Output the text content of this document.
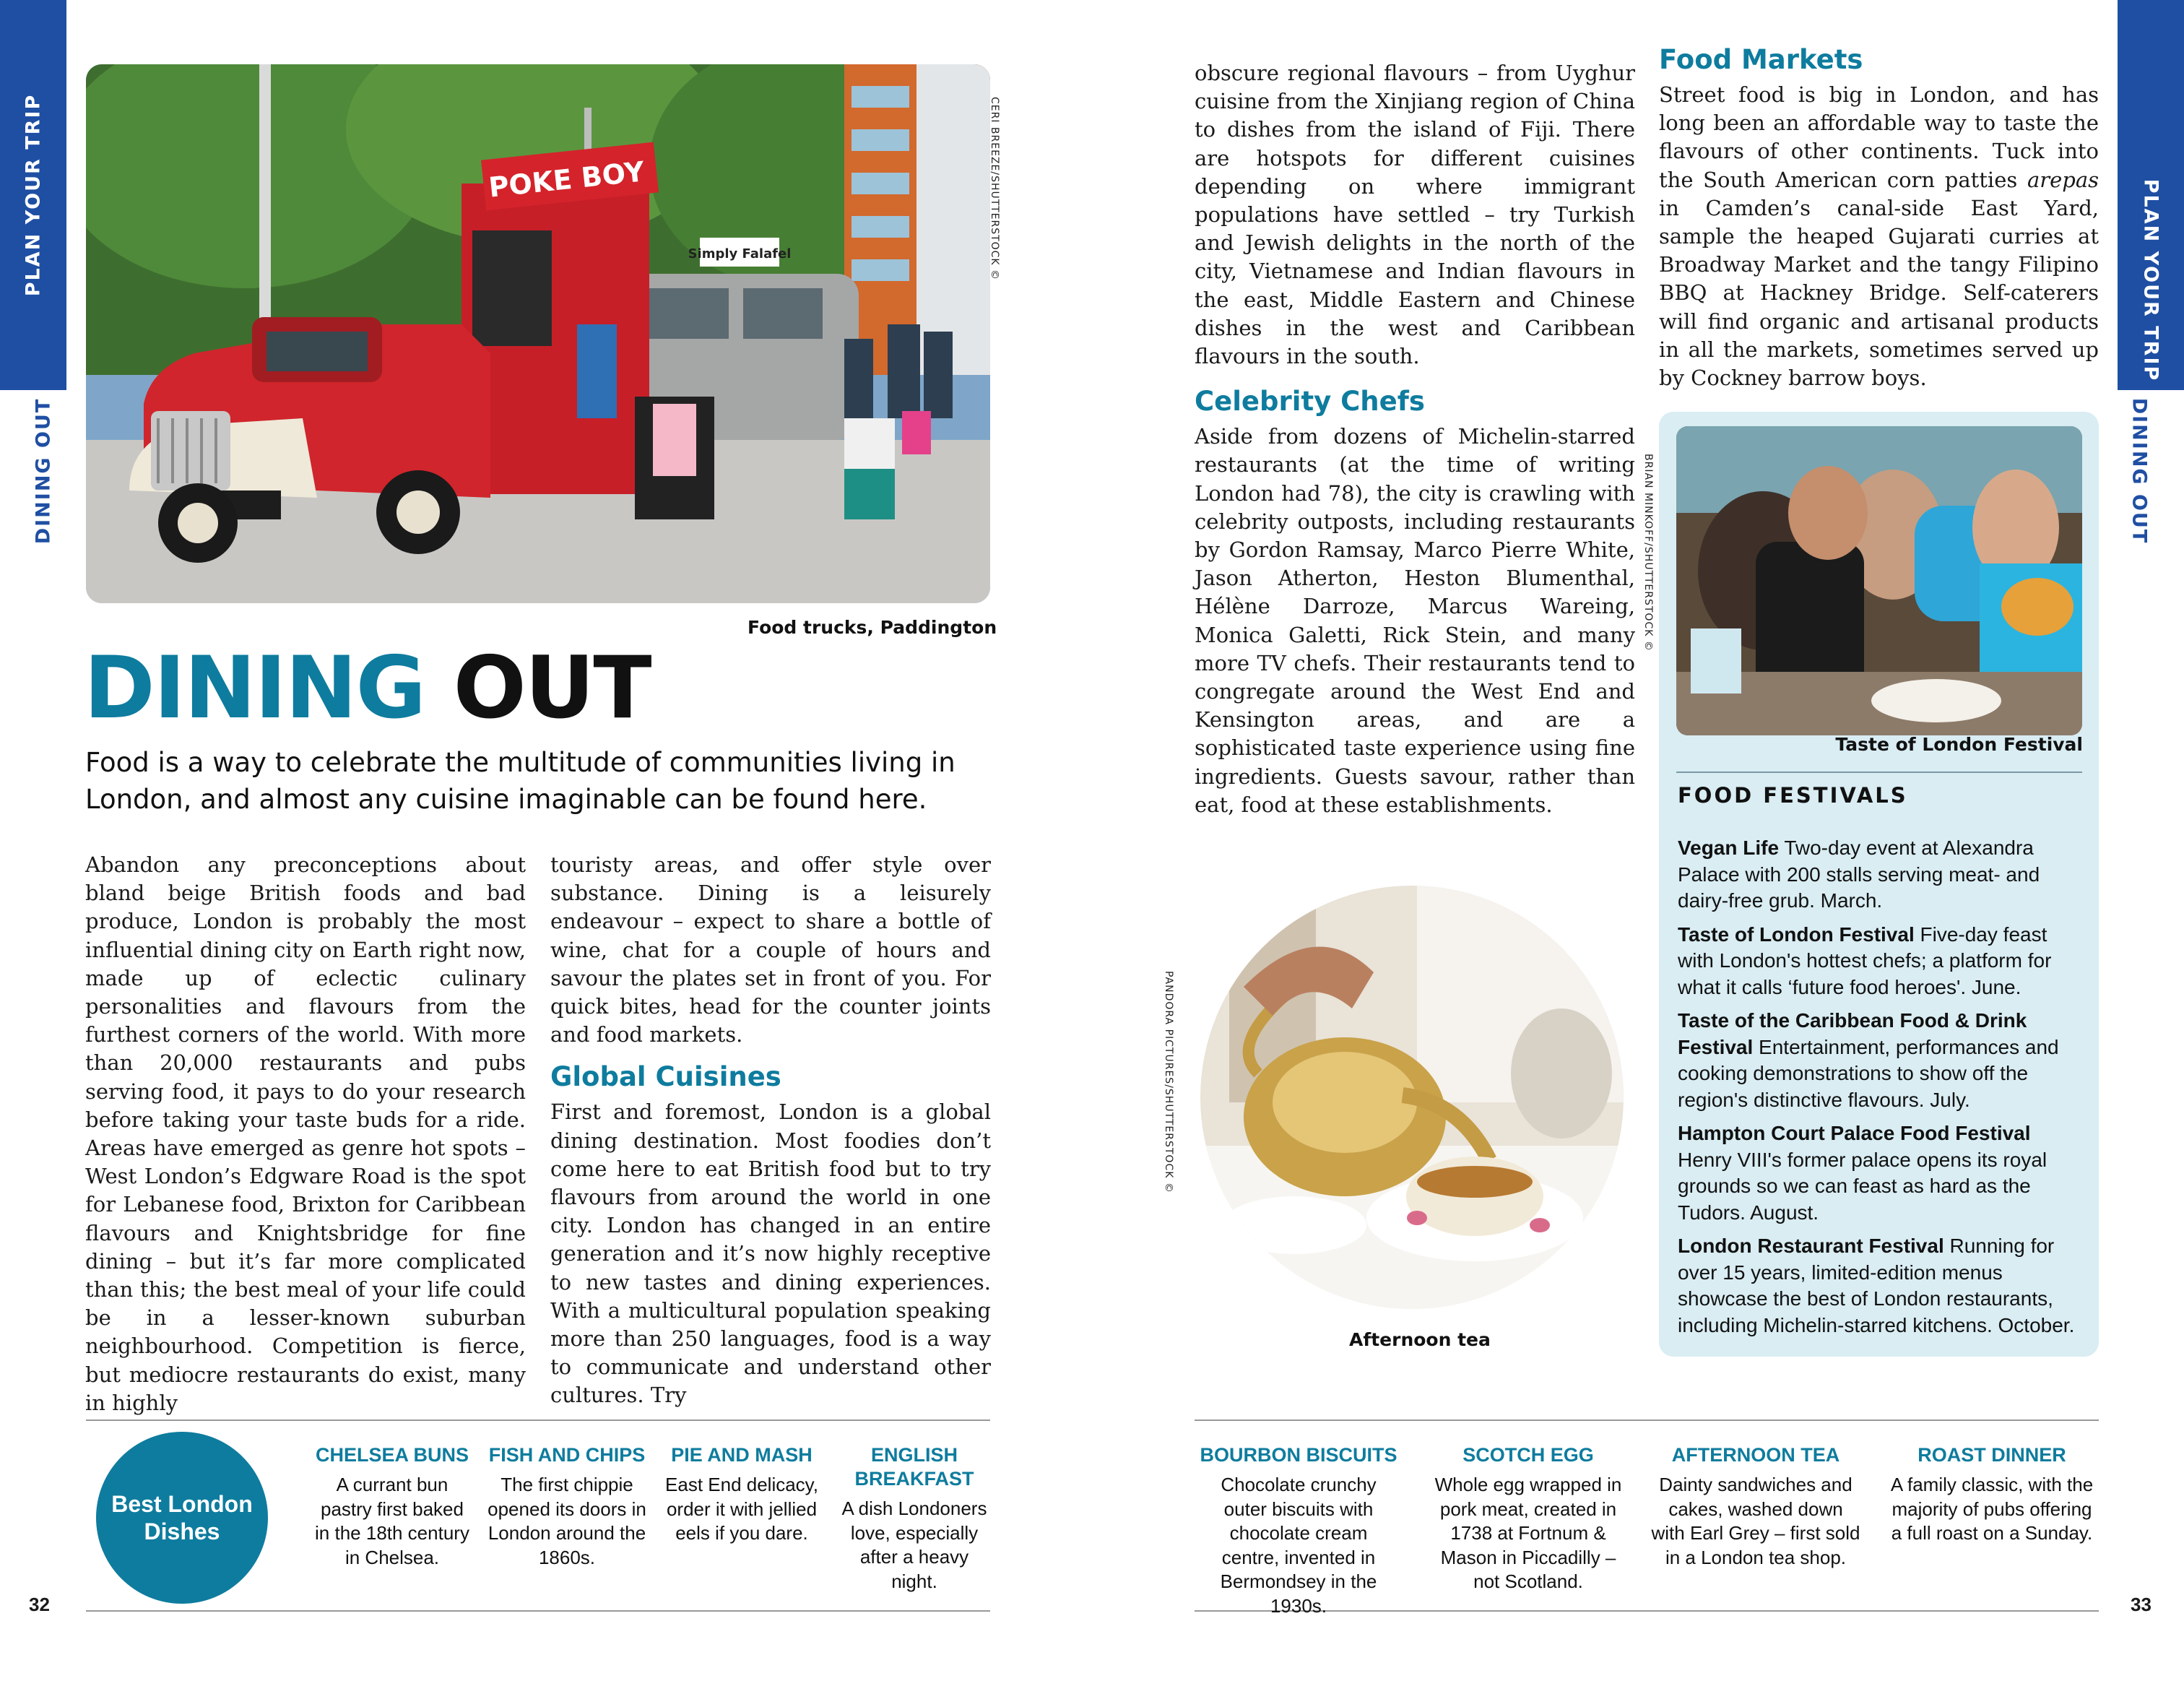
PLAN YOUR TRIP
DINING OUT
PLAN YOUR TRIP
DINING OUT
Simply Falafel
POKE BOY	CERI BREEZE/SHUTTERSTOCK ©
Food trucks, Paddington
DINING OUT
Food is a way to celebrate the multitude of communities living in London, and almost any cuisine imaginable can be found here.

Abandon any preconceptions about bland beige British foods and bad produce, London is probably the most influential dining city on Earth right now, made up of eclectic culinary personalities and flavours from the furthest corners of the world. With more than 20,000 restaurants and pubs serving food, it pays to do your research before taking your taste buds for a ride. Areas have emerged as genre hot spots – West London’s Edgware Road is the spot for Lebanese food, Brixton for Caribbean flavours and Knightsbridge for fine dining – but it’s far more complicated than this; the best meal of your life could be in a lesser-known suburban neighbourhood. Competition is fierce, but mediocre restaurants do exist, many in highly

touristy areas, and offer style over substance. Dining is a leisurely endeavour – expect to share a bottle of wine, chat for a couple of hours and savour the plates set in front of you. For quick bites, head for the counter joints and food markets.

Global Cuisines

First and foremost, London is a global dining destination. Most foodies don’t come here to eat British food but to try flavours from around the world in one city. London has changed in an entire generation and it’s now highly receptive to new tastes and dining experiences. With a multicultural population speaking more than 250 languages, food is a way to communicate and understand other cultures. Try

obscure regional flavours – from Uyghur cuisine from the Xinjiang region of China to dishes from the island of Fiji. There are hotspots for different cuisines depending on where immigrant populations have settled – try Turkish and Jewish delights in the north of the city, Vietnamese and Indian flavours in the east, Middle Eastern and Chinese dishes in the west and Caribbean flavours in the south.

Celebrity Chefs

Aside from dozens of Michelin-starred restaurants (at the time of writing London had 78), the city is crawling with celebrity outposts, including restaurants by Gordon Ramsay, Marco Pierre White, Jason Atherton, Heston Blumenthal, Hélène Darroze, Marcus Wareing, Monica Galetti, Rick Stein, and many more TV chefs. Their restaurants tend to congregate around the West End and Kensington areas, and are a sophisticated taste experience using fine ingredients. Guests savour, rather than eat, food at these establishments.

Food Markets

Street food is big in London, and has long been an affordable way to taste the flavours of other continents. Tuck into the South American corn patties arepas in Camden’s canal-side East Yard, sample the heaped Gujarati curries at Broadway Market and the tangy Filipino BBQ at Hackney Bridge. Self-caterers will find organic and artisanal products in all the markets, sometimes served up by Cockney barrow boys.

BRIAN MINKOFF/SHUTTERSTOCK ©
Taste of London Festival
FOOD FESTIVALS
Vegan Life Two-day event at Alexandra Palace with 200 stalls serving meat- and dairy-free grub. March.
Taste of London Festival Five-day feast with London's hottest chefs; a platform for what it calls ‘future food heroes'. June.
Taste of the Caribbean Food & Drink Festival Entertainment, performances and cooking demonstrations to show off the region's distinctive flavours. July.
Hampton Court Palace Food Festival Henry VIII's former palace opens its royal grounds so we can feast as hard as the Tudors. August.
London Restaurant Festival Running for over 15 years, limited-edition menus showcase the best of London restaurants, including Michelin-starred kitchens. October.
PANDORA PICTURES/SHUTTERSTOCK ©
Afternoon tea
Best London Dishes
CHELSEA BUNS
A currant bun pastry first baked in the 18th century in Chelsea.
FISH AND CHIPS
The first chippie opened its doors in London around the 1860s.
PIE AND MASH
East End delicacy, order it with jellied eels if you dare.
ENGLISH BREAKFAST
A dish Londoners love, especially after a heavy night.
BOURBON BISCUITS
Chocolate crunchy outer biscuits with chocolate cream centre, invented in Bermondsey in the 1930s.
SCOTCH EGG
Whole egg wrapped in pork meat, created in 1738 at Fortnum & Mason in Piccadilly – not Scotland.
AFTERNOON TEA
Dainty sandwiches and cakes, washed down with Earl Grey – first sold in a London tea shop.
ROAST DINNER
A family classic, with the majority of pubs offering a full roast on a Sunday.
32	33
